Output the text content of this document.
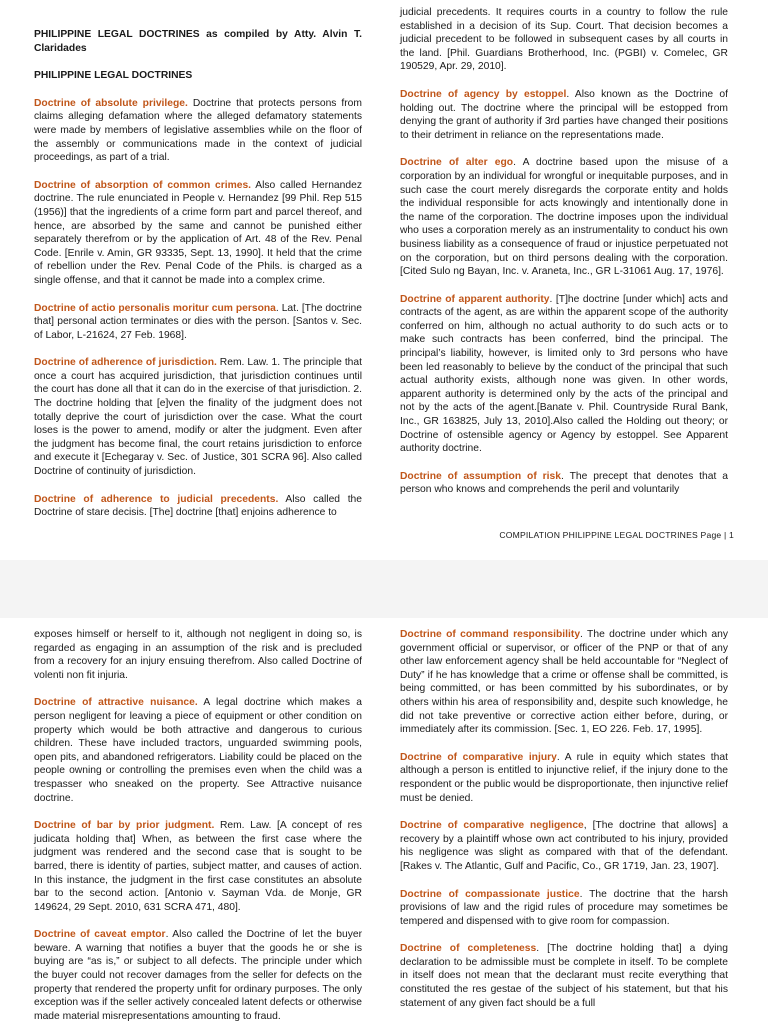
PHILIPPINE LEGAL DOCTRINES as compiled by Atty. Alvin T. Claridades

PHILIPPINE LEGAL DOCTRINES

Doctrine of absolute privilege. Doctrine that protects persons from claims alleging defamation where the alleged defamatory statements were made by members of legislative assemblies while on the floor of the assembly or communications made in the context of judicial proceedings, as part of a trial.

Doctrine of absorption of common crimes. Also called Hernandez doctrine. The rule enunciated in People v. Hernandez [99 Phil. Rep 515 (1956)] that the ingredients of a crime form part and parcel thereof, and hence, are absorbed by the same and cannot be punished either separately therefrom or by the application of Art. 48 of the Rev. Penal Code. [Enrile v. Amin, GR 93335, Sept. 13, 1990]. It held that the crime of rebellion under the Rev. Penal Code of the Phils. is charged as a single offense, and that it cannot be made into a complex crime.

Doctrine of actio personalis moritur cum persona. Lat. [The doctrine that] personal action terminates or dies with the person. [Santos v. Sec. of Labor, L-21624, 27 Feb. 1968].

Doctrine of adherence of jurisdiction. Rem. Law. 1. The principle that once a court has acquired jurisdiction, that jurisdiction continues until the court has done all that it can do in the exercise of that jurisdiction. 2. The doctrine holding that [e]ven the finality of the judgment does not totally deprive the court of jurisdiction over the case. What the court loses is the power to amend, modify or alter the judgment. Even after the judgment has become final, the court retains jurisdiction to enforce and execute it [Echegaray v. Sec. of Justice, 301 SCRA 96]. Also called Doctrine of continuity of jurisdiction.

Doctrine of adherence to judicial precedents. Also called the Doctrine of stare decisis. [The] doctrine [that] enjoins adherence to

judicial precedents. It requires courts in a country to follow the rule established in a decision of its Sup. Court. That decision becomes a judicial precedent to be followed in subsequent cases by all courts in the land. [Phil. Guardians Brotherhood, Inc. (PGBI) v. Comelec, GR 190529, Apr. 29, 2010].

Doctrine of agency by estoppel. Also known as the Doctrine of holding out. The doctrine where the principal will be estopped from denying the grant of authority if 3rd parties have changed their positions to their detriment in reliance on the representations made.

Doctrine of alter ego. A doctrine based upon the misuse of a corporation by an individual for wrongful or inequitable purposes, and in such case the court merely disregards the corporate entity and holds the individual responsible for acts knowingly and intentionally done in the name of the corporation. The doctrine imposes upon the individual who uses a corporation merely as an instrumentality to conduct his own business liability as a consequence of fraud or injustice perpetuated not on the corporation, but on third persons dealing with the corporation. [Cited Sulo ng Bayan, Inc. v. Araneta, Inc., GR L-31061 Aug. 17, 1976].

Doctrine of apparent authority. [T]he doctrine [under which] acts and contracts of the agent, as are within the apparent scope of the authority conferred on him, although no actual authority to do such acts or to make such contracts has been conferred, bind the principal. The principal’s liability, however, is limited only to 3rd persons who have been led reasonably to believe by the conduct of the principal that such actual authority exists, although none was given. In other words, apparent authority is determined only by the acts of the principal and not by the acts of the agent.[Banate v. Phil. Countryside Rural Bank, Inc., GR 163825, July 13, 2010].Also called the Holding out theory; or Doctrine of ostensible agency or Agency by estoppel. See Apparent authority doctrine.

Doctrine of assumption of risk. The precept that denotes that a person who knows and comprehends the peril and voluntarily

COMPILATION PHILIPPINE LEGAL DOCTRINES Page | 1

exposes himself or herself to it, although not negligent in doing so, is regarded as engaging in an assumption of the risk and is precluded from a recovery for an injury ensuing therefrom. Also called Doctrine of volenti non fit injuria.

Doctrine of attractive nuisance. A legal doctrine which makes a person negligent for leaving a piece of equipment or other condition on property which would be both attractive and dangerous to curious children. These have included tractors, unguarded swimming pools, open pits, and abandoned refrigerators. Liability could be placed on the people owning or controlling the premises even when the child was a trespasser who sneaked on the property. See Attractive nuisance doctrine.

Doctrine of bar by prior judgment. Rem. Law. [A concept of res judicata holding that] When, as between the first case where the judgment was rendered and the second case that is sought to be barred, there is identity of parties, subject matter, and causes of action. In this instance, the judgment in the first case constitutes an absolute bar to the second action. [Antonio v. Sayman Vda. de Monje, GR 149624, 29 Sept. 2010, 631 SCRA 471, 480].

Doctrine of caveat emptor. Also called the Doctrine of let the buyer beware. A warning that notifies a buyer that the goods he or she is buying are “as is,” or subject to all defects. The principle under which the buyer could not recover damages from the seller for defects on the property that rendered the property unfit for ordinary purposes. The only exception was if the seller actively concealed latent defects or otherwise made material misrepresentations amounting to fraud.

Doctrine of command responsibility. The doctrine under which any government official or supervisor, or officer of the PNP or that of any other law enforcement agency shall be held accountable for “Neglect of Duty” if he has knowledge that a crime or offense shall be committed, is being committed, or has been committed by his subordinates, or by others within his area of responsibility and, despite such knowledge, he did not take preventive or corrective action either before, during, or immediately after its commission. [Sec. 1, EO 226. Feb. 17, 1995].

Doctrine of comparative injury. A rule in equity which states that although a person is entitled to injunctive relief, if the injury done to the respondent or the public would be disproportionate, then injunctive relief must be denied.

Doctrine of comparative negligence, [The doctrine that allows] a recovery by a plaintiff whose own act contributed to his injury, provided his negligence was slight as compared with that of the defendant. [Rakes v. The Atlantic, Gulf and Pacific, Co., GR 1719, Jan. 23, 1907].

Doctrine of compassionate justice. The doctrine that the harsh provisions of law and the rigid rules of procedure may sometimes be tempered and dispensed with to give room for compassion.

Doctrine of completeness. [The doctrine holding that] a dying declaration to be admissible must be complete in itself. To be complete in itself does not mean that the declarant must recite everything that constituted the res gestae of the subject of his statement, but that his statement of any given fact should be a full
